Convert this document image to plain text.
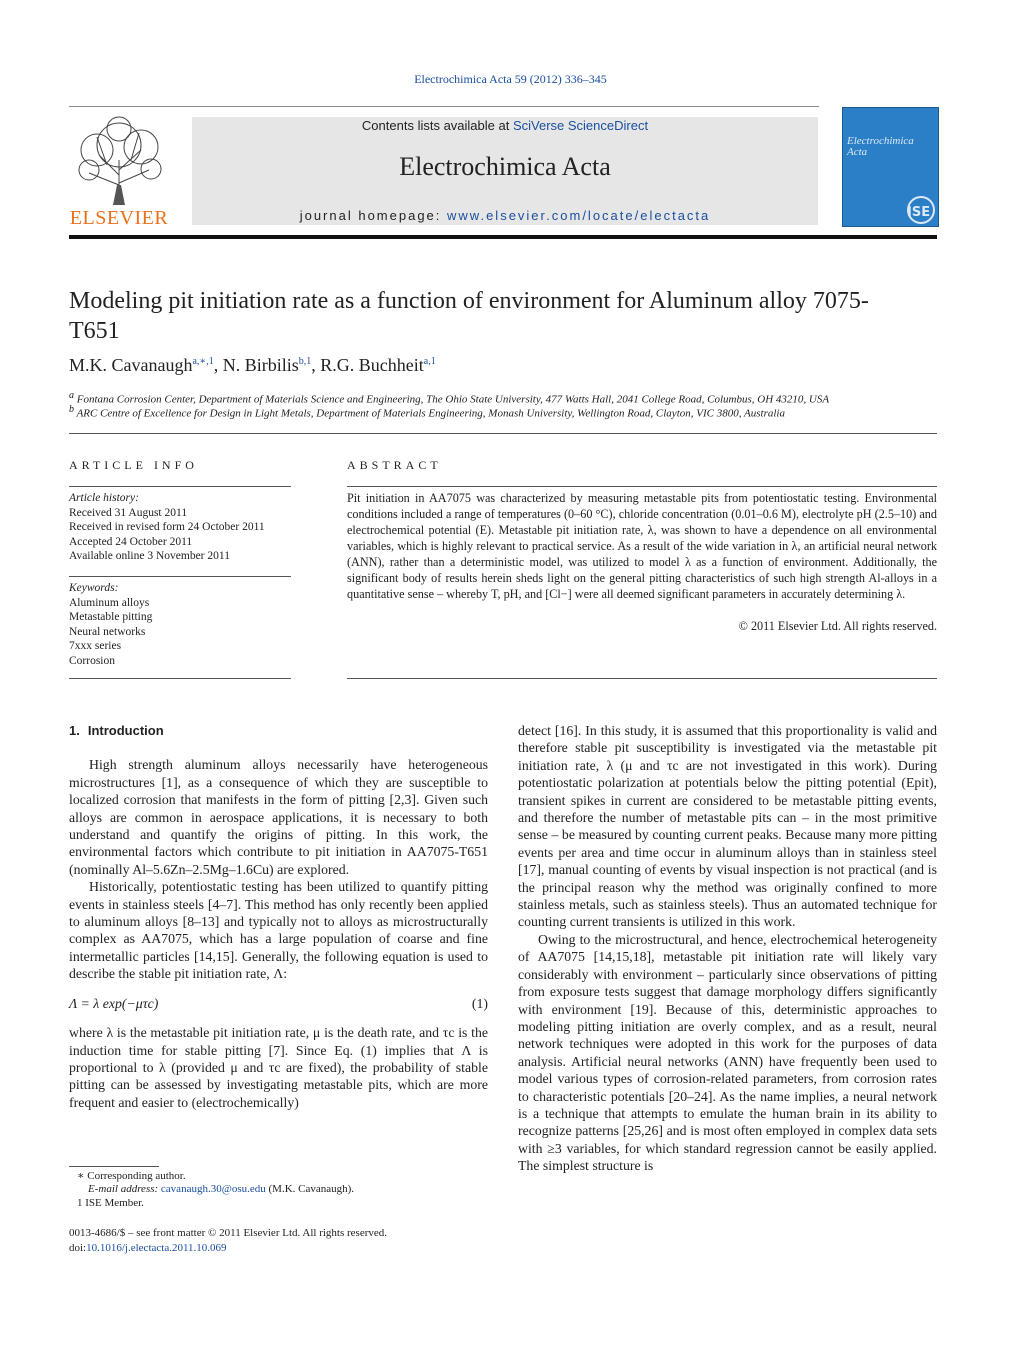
Electrochimica Acta 59 (2012) 336–345
ELSEVIER
Contents lists available at SciVerse ScienceDirect
Electrochimica Acta
journal homepage: www.elsevier.com/locate/electacta
Electrochimica Acta
ISE
Modeling pit initiation rate as a function of environment for Aluminum alloy 7075-T651
M.K. Cavanaugh$^{a,∗,1}$, N. Birbilis$^{b,1}$, R.G. Buchheit$^{a,1}$
$^a$ Fontana Corrosion Center, Department of Materials Science and Engineering, The Ohio State University, 477 Watts Hall, 2041 College Road, Columbus, OH 43210, USA
$^b$ ARC Centre of Excellence for Design in Light Metals, Department of Materials Engineering, Monash University, Wellington Road, Clayton, VIC 3800, Australia
ARTICLE INFO	ABSTRACT
Article history:
Received 31 August 2011
Received in revised form 24 October 2011
Accepted 24 October 2011
Available online 3 November 2011
Keywords:
Aluminum alloys
Metastable pitting
Neural networks
7xxx series
Corrosion
Pit initiation in AA7075 was characterized by measuring metastable pits from potentiostatic testing. Environmental conditions included a range of temperatures (0–60 °C), chloride concentration (0.01–0.6 M), electrolyte pH (2.5–10) and electrochemical potential (E). Metastable pit initiation rate, λ, was shown to have a dependence on all environmental variables, which is highly relevant to practical service. As a result of the wide variation in λ, an artificial neural network (ANN), rather than a deterministic model, was utilized to model λ as a function of environment. Additionally, the significant body of results herein sheds light on the general pitting characteristics of such high strength Al-alloys in a quantitative sense – whereby T, pH, and [Cl−] were all deemed significant parameters in accurately determining λ.
© 2011 Elsevier Ltd. All rights reserved.
1. Introduction

High strength aluminum alloys necessarily have heterogeneous microstructures [1], as a consequence of which they are susceptible to localized corrosion that manifests in the form of pitting [2,3]. Given such alloys are common in aerospace applications, it is necessary to both understand and quantify the origins of pitting. In this work, the environmental factors which contribute to pit initiation in AA7075-T651 (nominally Al–5.6Zn–2.5Mg–1.6Cu) are explored.

Historically, potentiostatic testing has been utilized to quantify pitting events in stainless steels [4–7]. This method has only recently been applied to aluminum alloys [8–13] and typically not to alloys as microstructurally complex as AA7075, which has a large population of coarse and fine intermetallic particles [14,15]. Generally, the following equation is used to describe the stable pit initiation rate, Λ:

Λ = λ exp(−μτc)	(1)

where λ is the metastable pit initiation rate, μ is the death rate, and τc is the induction time for stable pitting [7]. Since Eq. (1) implies that Λ is proportional to λ (provided μ and τc are fixed), the probability of stable pitting can be assessed by investigating metastable pits, which are more frequent and easier to (electrochemically)

detect [16]. In this study, it is assumed that this proportionality is valid and therefore stable pit susceptibility is investigated via the metastable pit initiation rate, λ (μ and τc are not investigated in this work). During potentiostatic polarization at potentials below the pitting potential (Epit), transient spikes in current are considered to be metastable pitting events, and therefore the number of metastable pits can – in the most primitive sense – be measured by counting current peaks. Because many more pitting events per area and time occur in aluminum alloys than in stainless steel [17], manual counting of events by visual inspection is not practical (and is the principal reason why the method was originally confined to more stainless metals, such as stainless steels). Thus an automated technique for counting current transients is utilized in this work.

Owing to the microstructural, and hence, electrochemical heterogeneity of AA7075 [14,15,18], metastable pit initiation rate will likely vary considerably with environment – particularly since observations of pitting from exposure tests suggest that damage morphology differs significantly with environment [19]. Because of this, deterministic approaches to modeling pitting initiation are overly complex, and as a result, neural network techniques were adopted in this work for the purposes of data analysis. Artificial neural networks (ANN) have frequently been used to model various types of corrosion-related parameters, from corrosion rates to characteristic potentials [20–24]. As the name implies, a neural network is a technique that attempts to emulate the human brain in its ability to recognize patterns [25,26] and is most often employed in complex data sets with ≥3 variables, for which standard regression cannot be easily applied. The simplest structure is

∗ Corresponding author.
E-mail address: cavanaugh.30@osu.edu (M.K. Cavanaugh).
1 ISE Member.
0013-4686/$ – see front matter © 2011 Elsevier Ltd. All rights reserved.
doi:10.1016/j.electacta.2011.10.069
